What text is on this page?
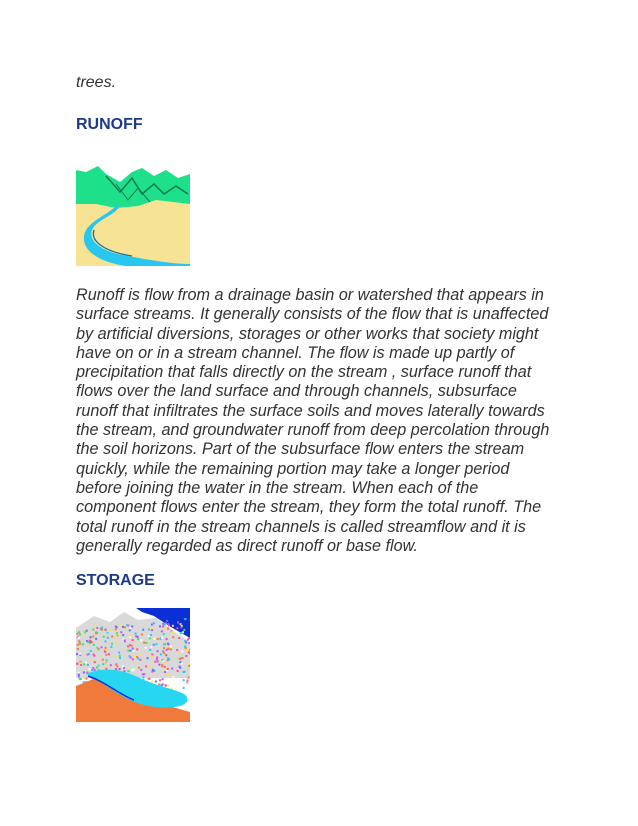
trees.
RUNOFF
Runoff is flow from a drainage basin or watershed that appears in
surface streams. It generally consists of the flow that is unaffected
by artificial diversions, storages or other works that society might
have on or in a stream channel. The flow is made up partly of
precipitation that falls directly on the stream , surface runoff that
flows over the land surface and through channels, subsurface
runoff that infiltrates the surface soils and moves laterally towards
the stream, and groundwater runoff from deep percolation through
the soil horizons. Part of the subsurface flow enters the stream
quickly, while the remaining portion may take a longer period
before joining the water in the stream. When each of the
component flows enter the stream, they form the total runoff. The
total runoff in the stream channels is called streamflow and it is
generally regarded as direct runoff or base flow.
STORAGE
